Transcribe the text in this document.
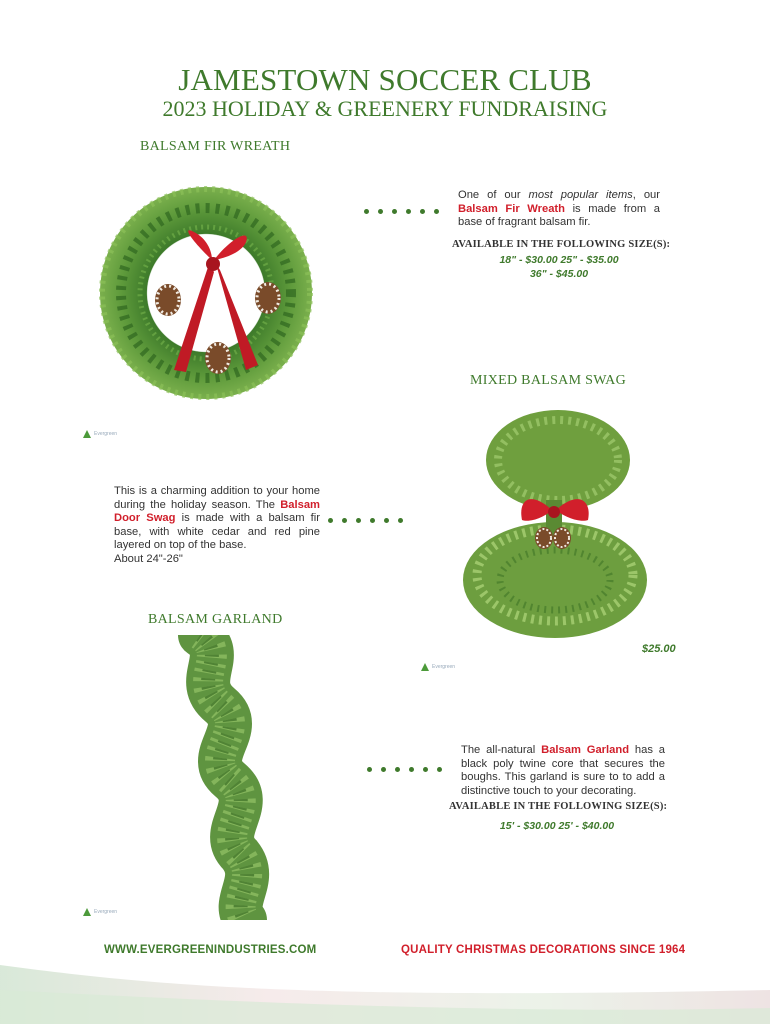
JAMESTOWN SOCCER CLUB
2023 HOLIDAY & GREENERY FUNDRAISING
BALSAM FIR WREATH
Evergreen
One of our most popular items, our Balsam Fir Wreath is made from a base of fragrant balsam fir.
AVAILABLE IN THE FOLLOWING SIZE(S):
18" - $30.00 25" - $35.00
36" - $45.00
MIXED BALSAM SWAG
This is a charming addition to your home during the holiday season. The Balsam Door Swag is made with a balsam fir base, with white cedar and red pine layered on top of the base.
About 24"-26"
$25.00
Evergreen
BALSAM GARLAND
Evergreen
The all-natural Balsam Garland has a black poly twine core that secures the boughs. This garland is sure to to add a distinctive touch to your decorating.
AVAILABLE IN THE FOLLOWING SIZE(S):
15' - $30.00 25' - $40.00
WWW.EVERGREENINDUSTRIES.COM	QUALITY CHRISTMAS DECORATIONS SINCE 1964
